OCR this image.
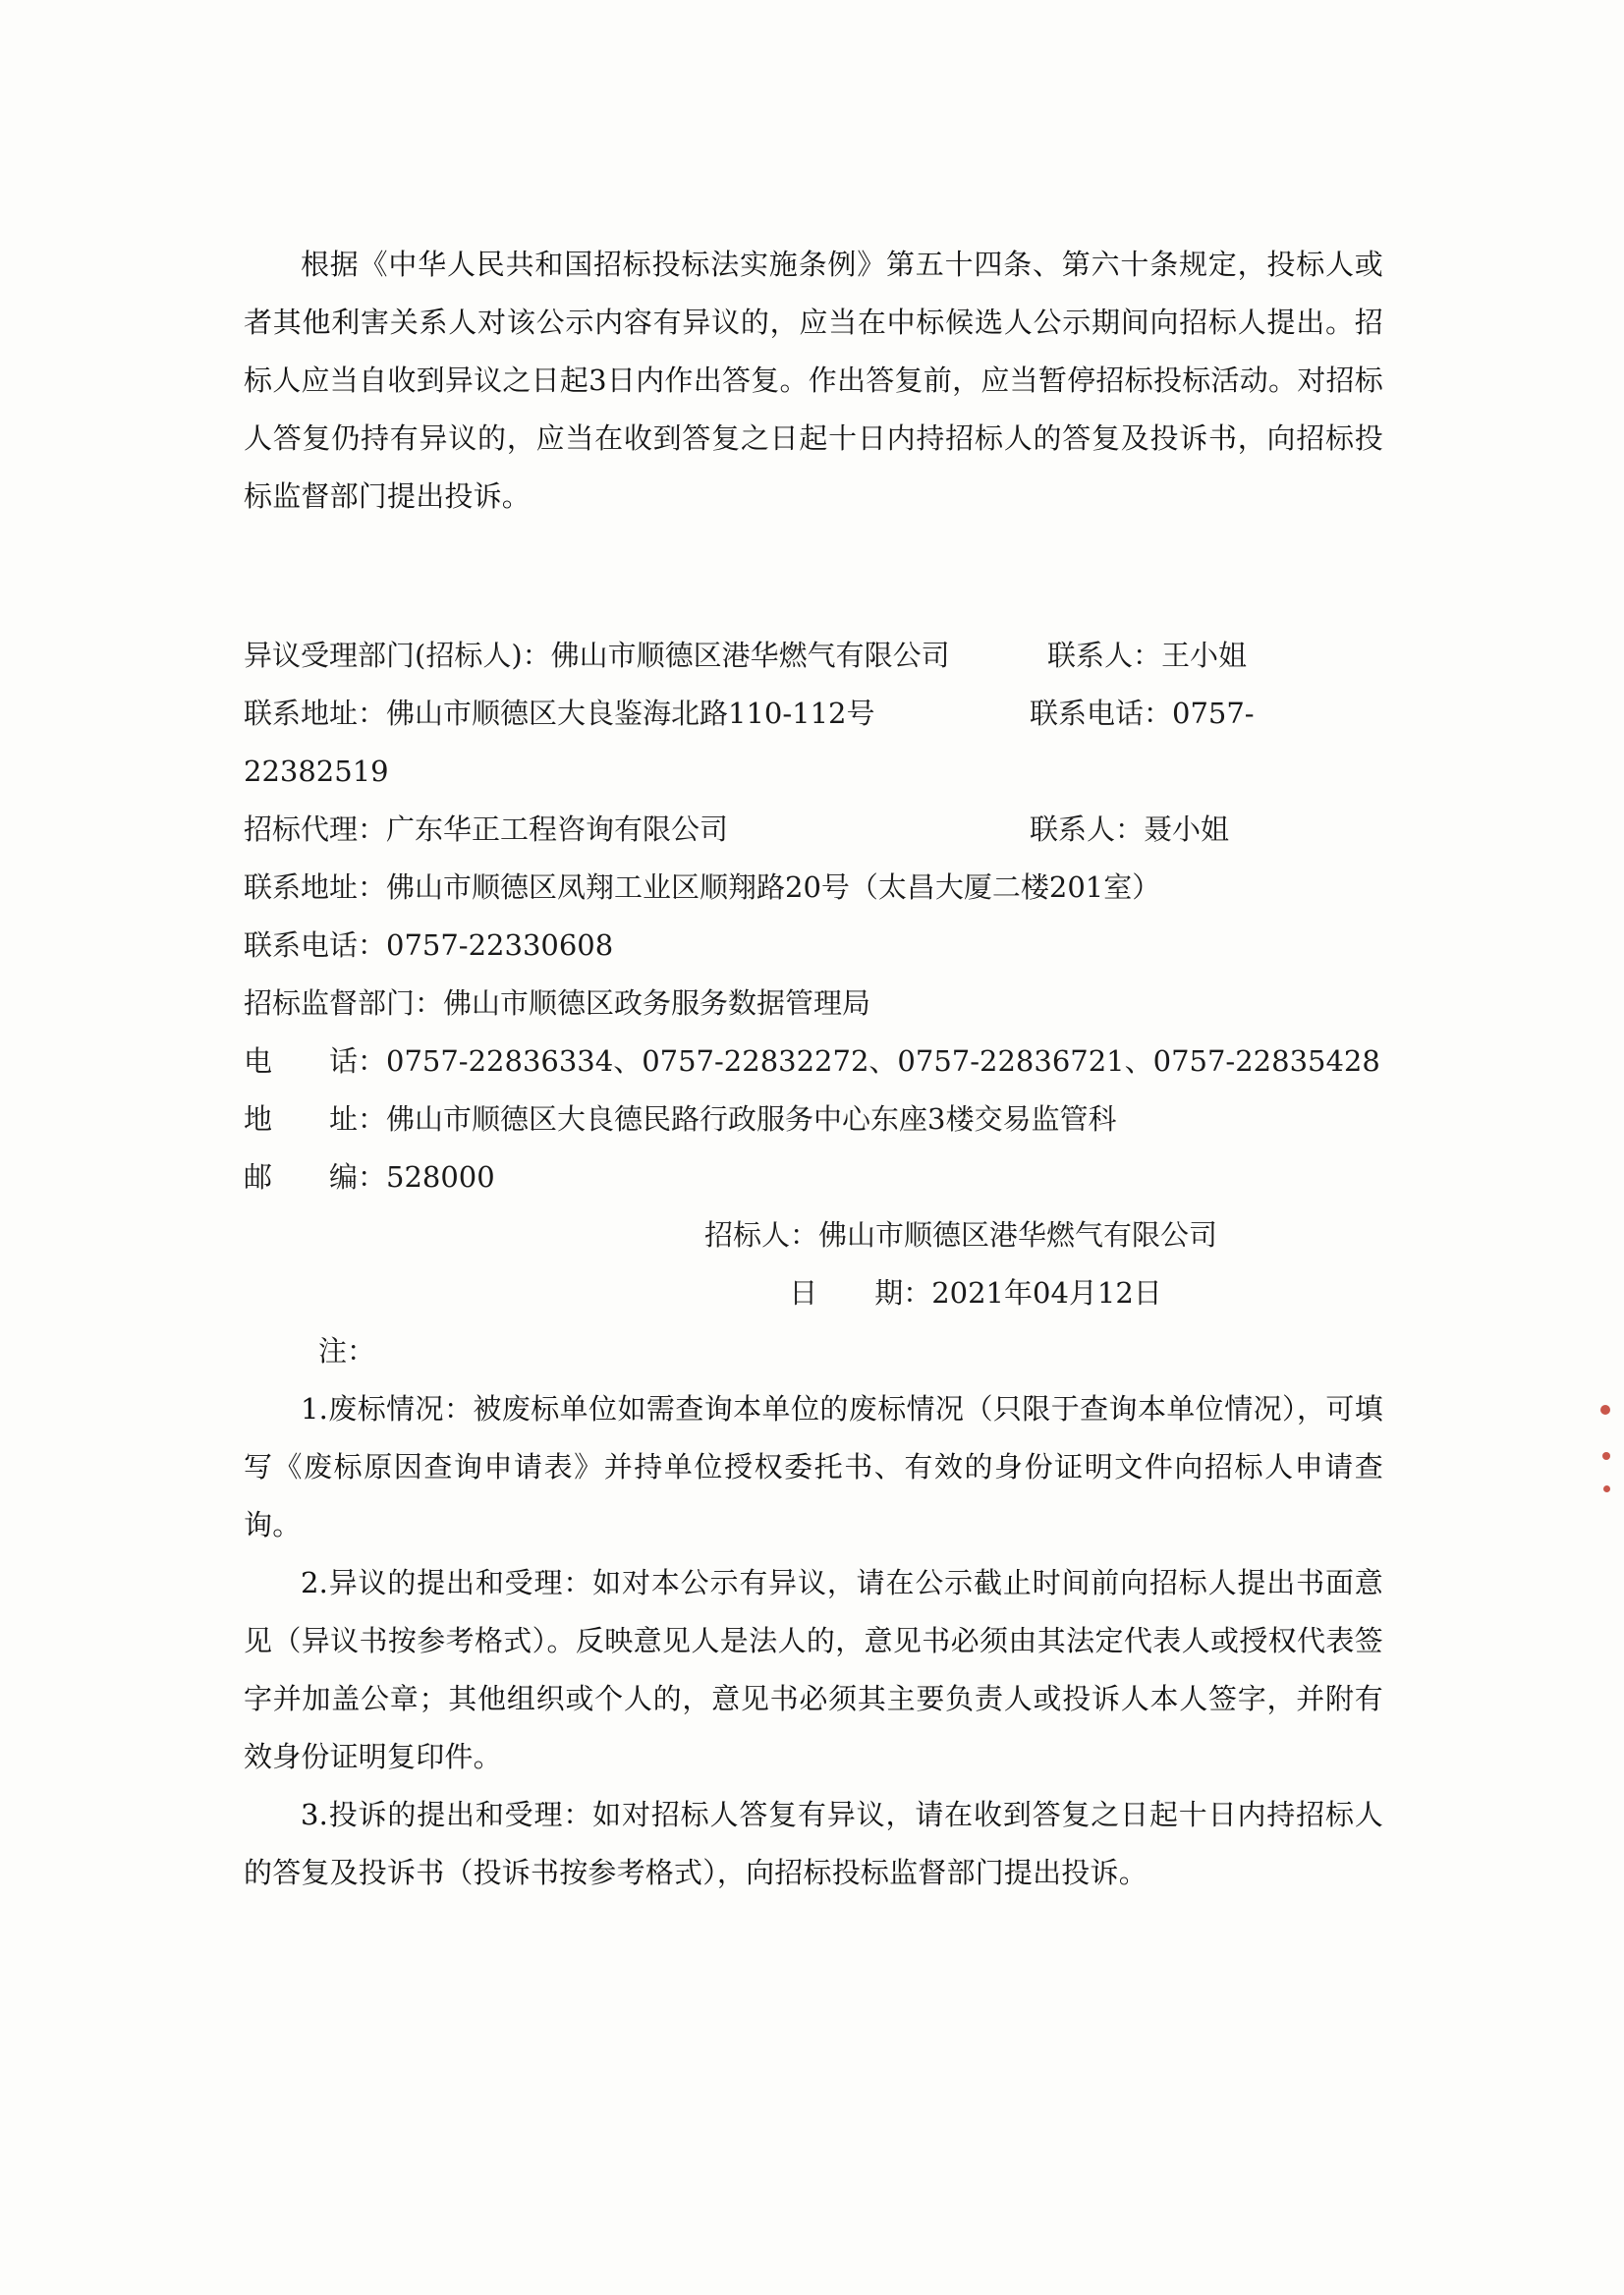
根据《中华人民共和国招标投标法实施条例》第五十四条、第六十条规定，投标人或者其他利害关系人对该公示内容有异议的，应当在中标候选人公示期间向招标人提出。招标人应当自收到异议之日起3日内作出答复。作出答复前，应当暂停招标投标活动。对招标人答复仍持有异议的，应当在收到答复之日起十日内持招标人的答复及投诉书，向招标投标监督部门提出投诉。

异议受理部门(招标人)：佛山市顺德区港华燃气有限公司	联系人：王小姐
联系地址：佛山市顺德区大良鉴海北路110-112号	联系电话：0757-
22382519
招标代理：广东华正工程咨询有限公司	联系人：聂小姐
联系地址：佛山市顺德区凤翔工业区顺翔路20号（太昌大厦二楼201室）
联系电话：0757-22330608
招标监督部门：佛山市顺德区政务服务数据管理局
电　　话：0757-22836334、0757-22832272、0757-22836721、0757-22835428
地　　址：佛山市顺德区大良德民路行政服务中心东座3楼交易监管科
邮　　编：528000
招标人：佛山市顺德区港华燃气有限公司
日　　期：2021年04月12日
注：

1.废标情况：被废标单位如需查询本单位的废标情况（只限于查询本单位情况），可填写《废标原因查询申请表》并持单位授权委托书、有效的身份证明文件向招标人申请查询。

2.异议的提出和受理：如对本公示有异议，请在公示截止时间前向招标人提出书面意见（异议书按参考格式）。反映意见人是法人的，意见书必须由其法定代表人或授权代表签字并加盖公章；其他组织或个人的，意见书必须其主要负责人或投诉人本人签字，并附有效身份证明复印件。

3.投诉的提出和受理：如对招标人答复有异议，请在收到答复之日起十日内持招标人的答复及投诉书（投诉书按参考格式），向招标投标监督部门提出投诉。
